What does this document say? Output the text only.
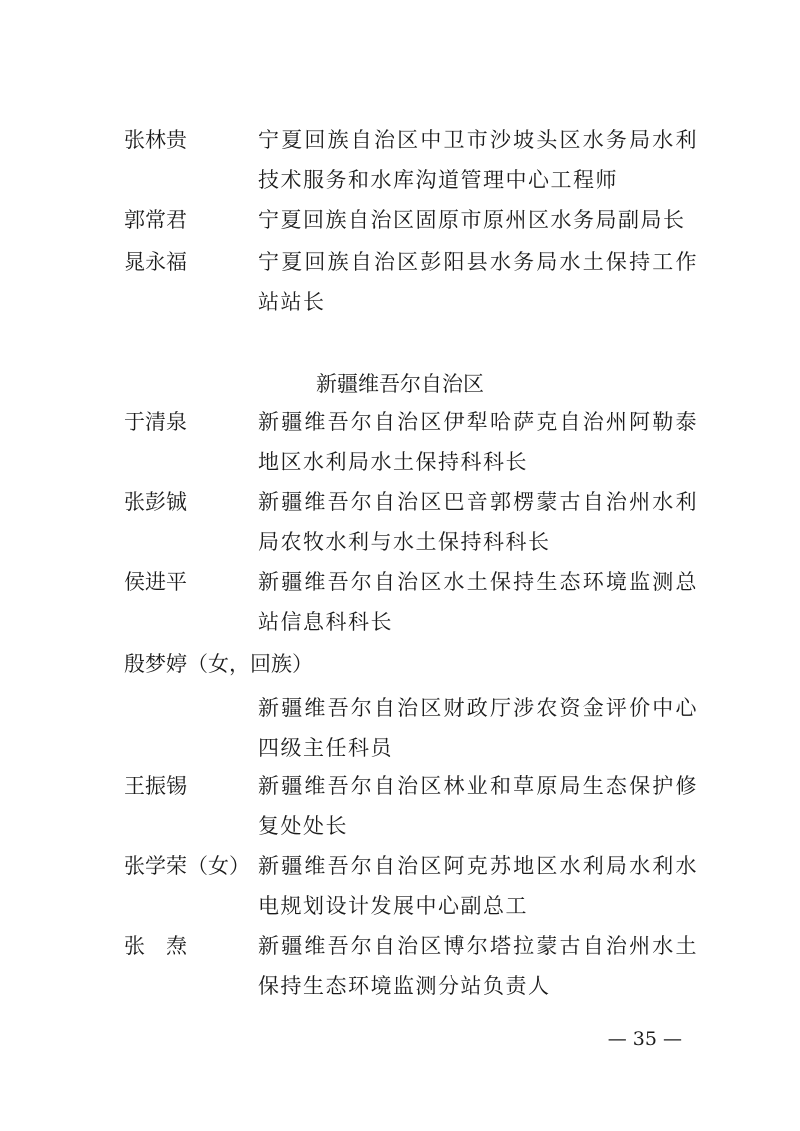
张林贵	宁夏回族自治区中卫市沙坡头区水务局水利技术服务和水库沟道管理中心工程师
郭常君	宁夏回族自治区固原市原州区水务局副局长
晁永福	宁夏回族自治区彭阳县水务局水土保持工作站站长
新疆维吾尔自治区
于清泉	新疆维吾尔自治区伊犁哈萨克自治州阿勒泰地区水利局水土保持科科长
张彭铖	新疆维吾尔自治区巴音郭楞蒙古自治州水利局农牧水利与水土保持科科长
侯进平	新疆维吾尔自治区水土保持生态环境监测总站信息科科长
殷梦婷（女，回族）
新疆维吾尔自治区财政厅涉农资金评价中心四级主任科员
王振锡	新疆维吾尔自治区林业和草原局生态保护修复处处长
张学荣（女） 新疆维吾尔自治区阿克苏地区水利局水利水电规划设计发展中心副总工
张　焘	新疆维吾尔自治区博尔塔拉蒙古自治州水土保持生态环境监测分站负责人
— 35 —
